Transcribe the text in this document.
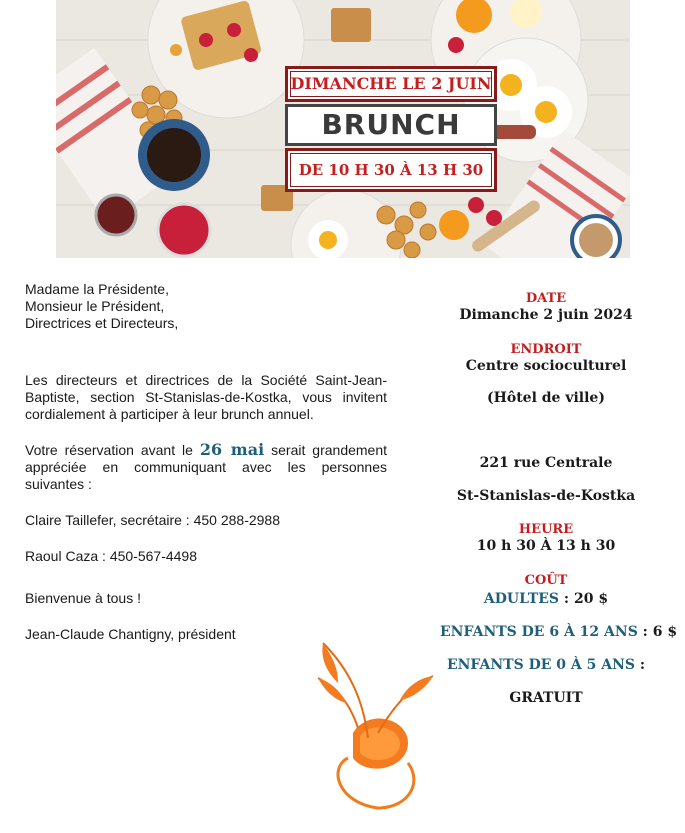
DIMANCHE LE 2 JUIN
BRUNCH
DE 10 H 30 À 13 H 30

Madame la Présidente,

Monsieur le Président,

Directrices et Directeurs,

Les directeurs et directrices de la Société Saint-Jean-Baptiste, section St-Stanislas-de-Kostka, vous invitent cordialement à participer à leur brunch annuel.

Votre réservation avant le 26 mai serait grandement appréciée en communiquant avec les personnes suivantes :

Claire Taillefer, secrétaire : 450 288-2988

Raoul Caza : 450-567-4498

Bienvenue à tous !

Jean-Claude Chantigny, président

DATE
Dimanche 2 juin 2024
ENDROIT
Centre socioculturel
(Hôtel de ville)
221 rue Centrale
St-Stanislas-de-Kostka
HEURE
10 h 30 À 13 h 30
COÛT
ADULTES : 20 $
ENFANTS DE 6 À 12 ANS : 6 $
ENFANTS DE 0 À 5 ANS :
GRATUIT
